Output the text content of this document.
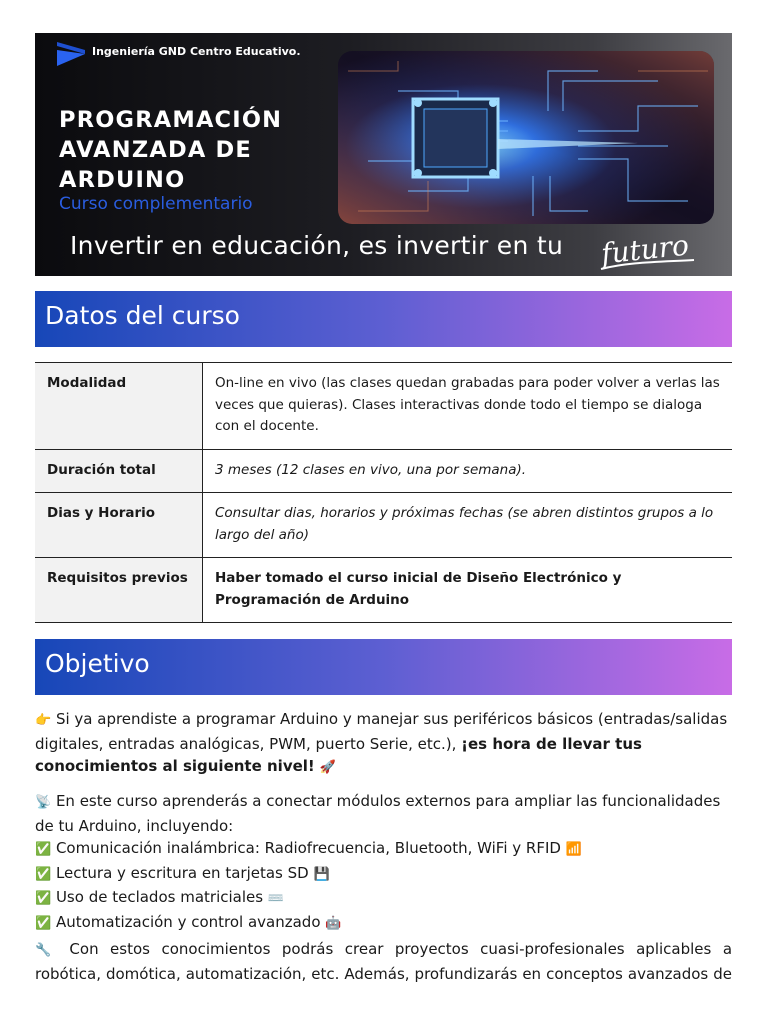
Ingeniería GND Centro Educativo.
PROGRAMACIÓN AVANZADA DE ARDUINO
Curso complementario
Invertir en educación, es invertir en tu futuro
Datos del curso
Modalidad	On-line en vivo (las clases quedan grabadas para poder volver a verlas las veces que quieras). Clases interactivas donde todo el tiempo se dialoga con el docente.
Duración total	3 meses (12 clases en vivo, una por semana).
Dias y Horario	Consultar dias, horarios y próximas fechas (se abren distintos grupos a lo largo del año)
Requisitos previos	Haber tomado el curso inicial de Diseño Electrónico y Programación de Arduino
Objetivo
👉 Si ya aprendiste a programar Arduino y manejar sus periféricos básicos (entradas/salidas digitales, entradas analógicas, PWM, puerto Serie, etc.), ¡es hora de llevar tus conocimientos al siguiente nivel! 🚀
📡 En este curso aprenderás a conectar módulos externos para ampliar las funcionalidades de tu Arduino, incluyendo:
✅ Comunicación inalámbrica: Radiofrecuencia, Bluetooth, WiFi y RFID 📶
✅ Lectura y escritura en tarjetas SD 💾
✅ Uso de teclados matriciales ⌨️
✅ Automatización y control avanzado 🤖
🔧 Con estos conocimientos podrás crear proyectos cuasi-profesionales aplicables a
robótica, domótica, automatización, etc. Además, profundizarás en conceptos avanzados de
